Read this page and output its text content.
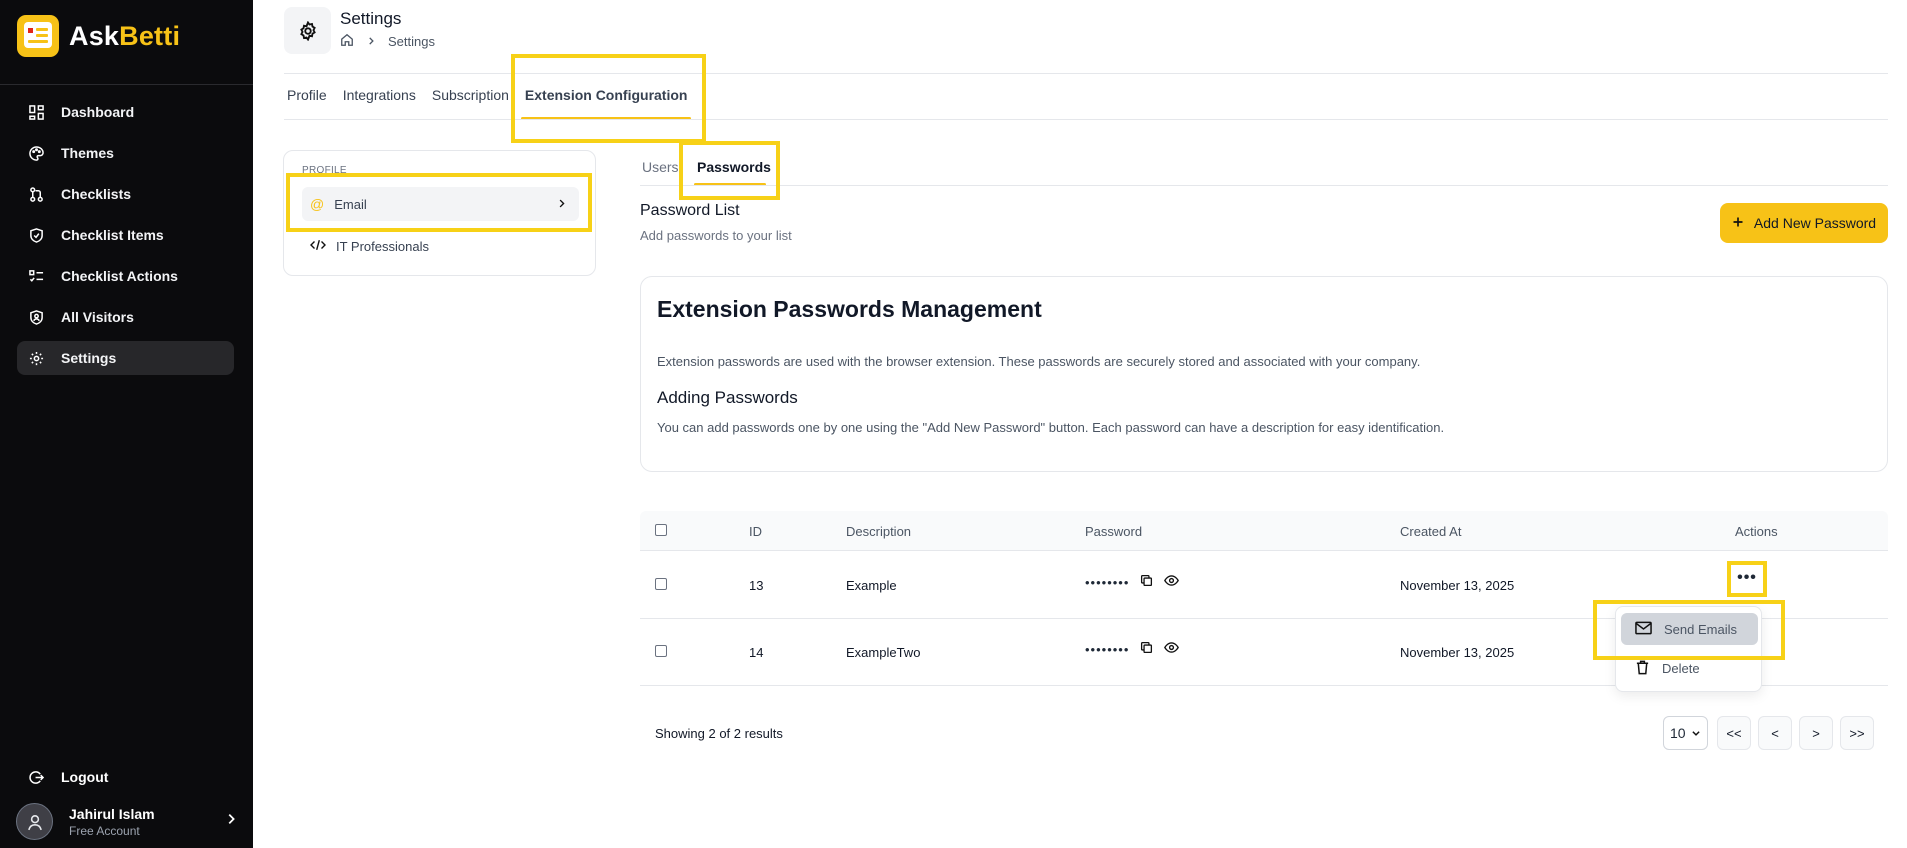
AskBetti
Dashboard
Themes
Checklists
Checklist Items
Checklist Actions
All Visitors
Settings
Logout
Jahirul Islam
Free Account
Settings
Settings
Profile Integrations Subscription Extension Configuration
PROFILE
@ Email
IT Professionals
Users Passwords
Password List
Add passwords to your list
Add New Password
Extension Passwords Management
Extension passwords are used with the browser extension. These passwords are securely stored and associated with your company.
Adding Passwords
You can add passwords one by one using the "Add New Password" button. Each password can have a description for easy identification.
ID	Description	Password	Created At	Actions
13	Example	••••••••	November 13, 2025	•••
14	ExampleTwo	••••••••	November 13, 2025
Send Emails
Delete
Showing 2 of 2 results	10	<<	<	>	>>
